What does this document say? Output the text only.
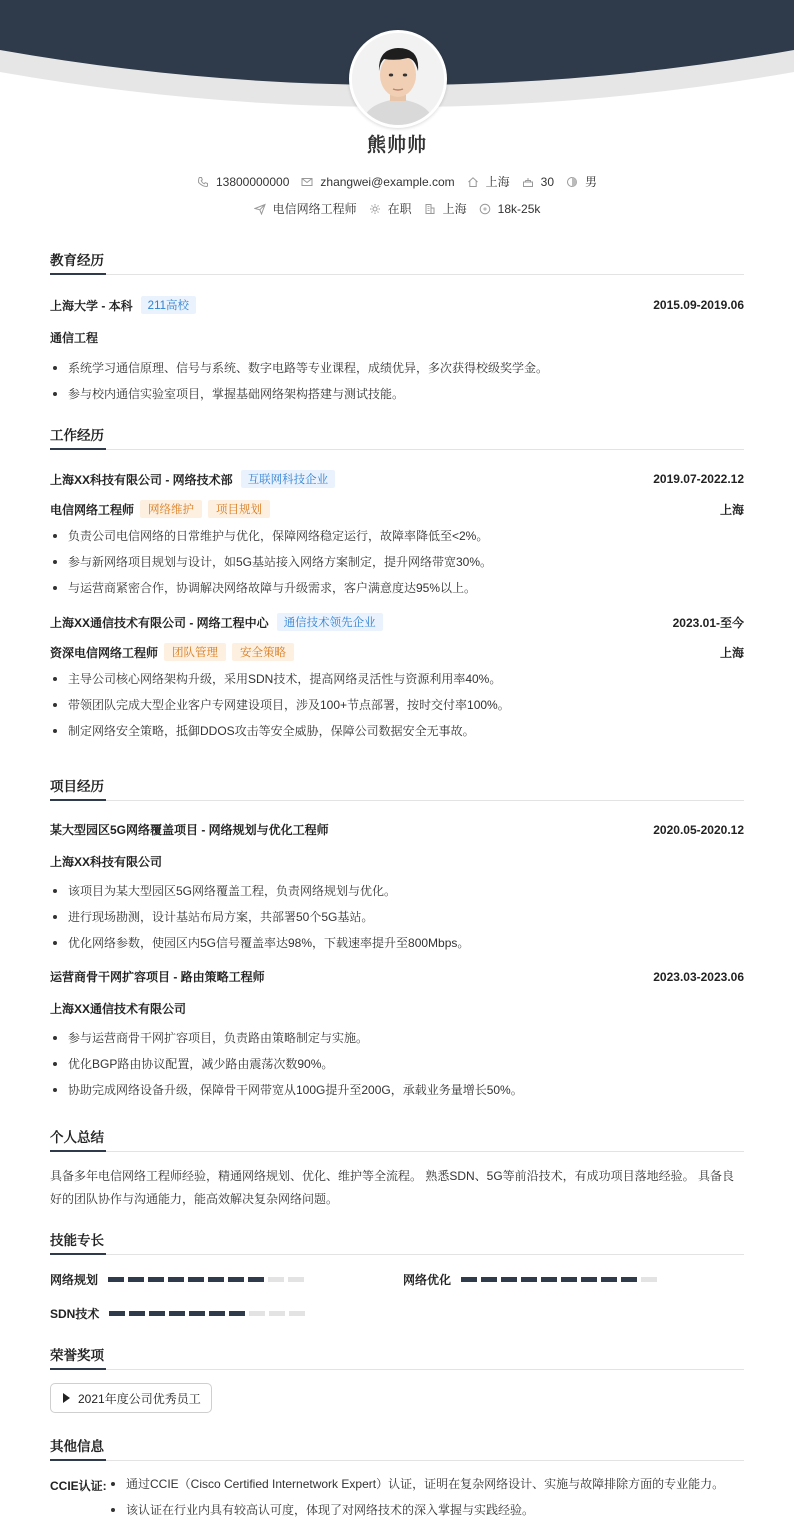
熊帅帅
13800000000	zhangwei@example.com	上海	30	男
电信网络工程师	在职	上海	18k-25k
教育经历
上海大学 - 本科	211高校	2015.09-2019.06
通信工程
系统学习通信原理、信号与系统、数字电路等专业课程，成绩优异，多次获得校级奖学金。
参与校内通信实验室项目，掌握基础网络架构搭建与测试技能。
工作经历
上海XX科技有限公司 - 网络技术部	互联网科技企业	2019.07-2022.12
电信网络工程师	网络维护	项目规划	上海
负责公司电信网络的日常维护与优化，保障网络稳定运行，故障率降低至<2%。
参与新网络项目规划与设计，如5G基站接入网络方案制定，提升网络带宽30%。
与运营商紧密合作，协调解决网络故障与升级需求，客户满意度达95%以上。
上海XX通信技术有限公司 - 网络工程中心	通信技术领先企业	2023.01-至今
资深电信网络工程师	团队管理	安全策略	上海
主导公司核心网络架构升级，采用SDN技术，提高网络灵活性与资源利用率40%。
带领团队完成大型企业客户专网建设项目，涉及100+节点部署，按时交付率100%。
制定网络安全策略，抵御DDOS攻击等安全威胁，保障公司数据安全无事故。
项目经历
某大型园区5G网络覆盖项目 - 网络规划与优化工程师	2020.05-2020.12
上海XX科技有限公司
该项目为某大型园区5G网络覆盖工程，负责网络规划与优化。
进行现场勘测，设计基站布局方案，共部署50个5G基站。
优化网络参数，使园区内5G信号覆盖率达98%，下载速率提升至800Mbps。
运营商骨干网扩容项目 - 路由策略工程师	2023.03-2023.06
上海XX通信技术有限公司
参与运营商骨干网扩容项目，负责路由策略制定与实施。
优化BGP路由协议配置，减少路由震荡次数90%。
协助完成网络设备升级，保障骨干网带宽从100G提升至200G，承载业务量增长50%。
个人总结
具备多年电信网络工程师经验，精通网络规划、优化、维护等全流程。 熟悉SDN、5G等前沿技术，有成功项目落地经验。 具备良
好的团队协作与沟通能力，能高效解决复杂网络问题。
技能专长
网络规划	网络优化
SDN技术
荣誉奖项
2021年度公司优秀员工
其他信息
CCIE认证:	通过CCIE（Cisco Certified Internetwork Expert）认证，证明在复杂网络设计、实施与故障排除方面的专业能力。
该认证在行业内具有较高认可度，体现了对网络技术的深入掌握与实践经验。
